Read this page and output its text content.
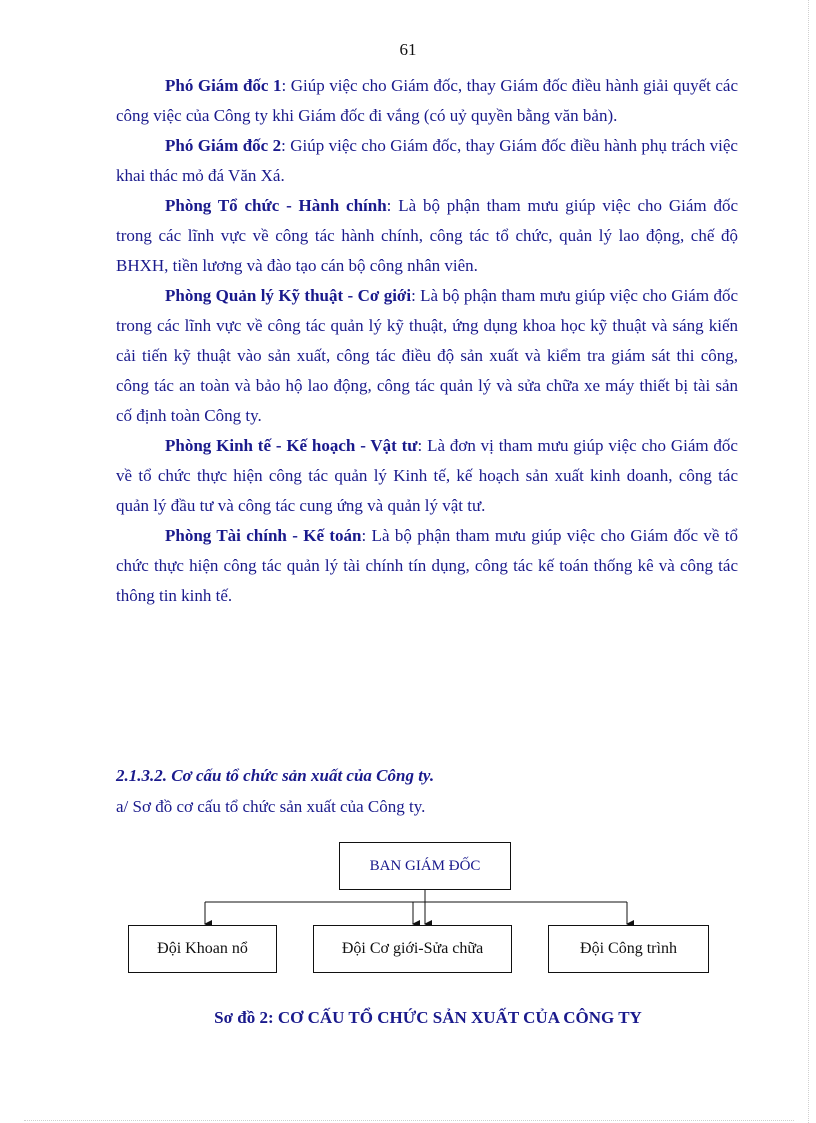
61

Phó Giám đốc 1: Giúp việc cho Giám đốc, thay Giám đốc điều hành giải quyết các công việc của Công ty khi Giám đốc đi vắng (có uỷ quyền bằng văn bản).

Phó Giám đốc 2: Giúp việc cho Giám đốc, thay Giám đốc điều hành phụ trách việc khai thác mỏ đá Văn Xá.

Phòng Tổ chức - Hành chính: Là bộ phận tham mưu giúp việc cho Giám đốc trong các lĩnh vực về công tác hành chính, công tác tổ chức, quản lý lao động, chế độ BHXH, tiền lương và đào tạo cán bộ công nhân viên.

Phòng Quản lý Kỹ thuật - Cơ giới: Là bộ phận tham mưu giúp việc cho Giám đốc trong các lĩnh vực về công tác quản lý kỹ thuật, ứng dụng khoa học kỹ thuật và sáng kiến cải tiến kỹ thuật vào sản xuất, công tác điều độ sản xuất và kiểm tra giám sát thi công, công tác an toàn và bảo hộ lao động, công tác quản lý và sửa chữa xe máy thiết bị tài sản cố định toàn Công ty.

Phòng Kinh tế - Kế hoạch - Vật tư: Là đơn vị tham mưu giúp việc cho Giám đốc về tổ chức thực hiện công tác quản lý Kinh tế, kế hoạch sản xuất kinh doanh, công tác quản lý đầu tư và công tác cung ứng và quản lý vật tư.

Phòng Tài chính - Kế toán: Là bộ phận tham mưu giúp việc cho Giám đốc về tổ chức thực hiện công tác quản lý tài chính tín dụng, công tác kế toán thống kê và công tác thông tin kinh tế.

2.1.3.2. Cơ cấu tổ chức sản xuất của Công ty.
a/ Sơ đồ cơ cấu tổ chức sản xuất của Công ty.
BAN GIÁM ĐỐC
Đội Khoan nổ	Đội Cơ giới-Sửa chữa	Đội Công trình
Sơ đồ 2: CƠ CẤU TỔ CHỨC SẢN XUẤT CỦA CÔNG TY
